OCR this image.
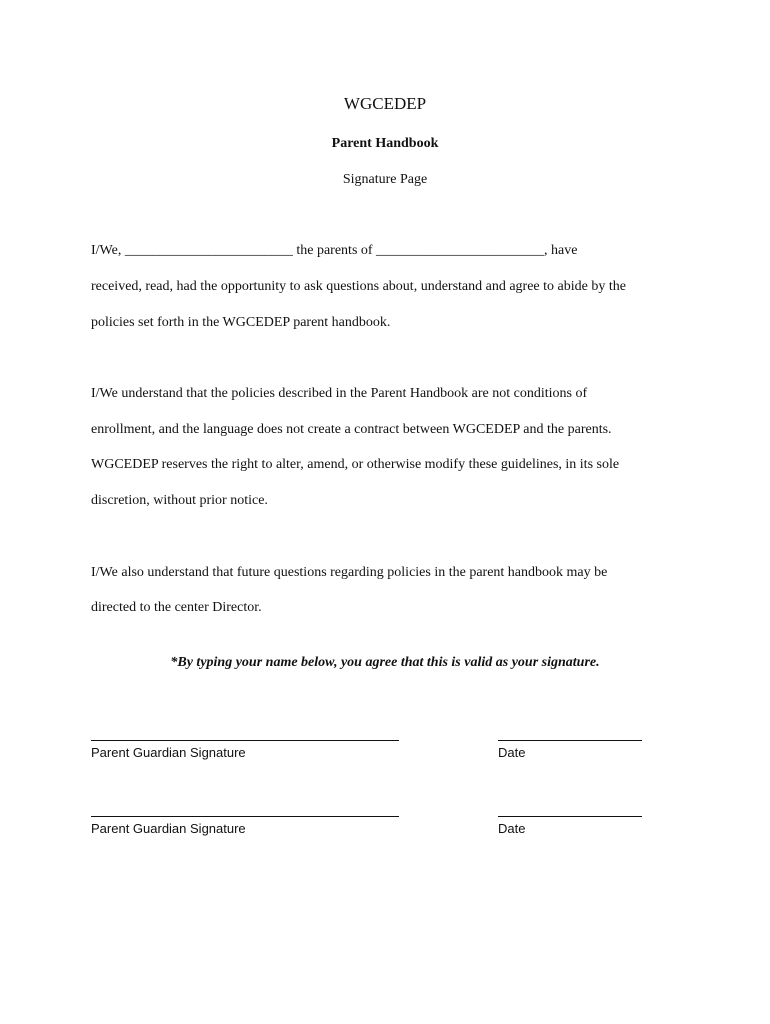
WGCEDEP
Parent Handbook
Signature Page
I/We, ________________________ the parents of ________________________, have
received, read, had the opportunity to ask questions about, understand and agree to abide by the
policies set forth in the WGCEDEP parent handbook.
I/We understand that the policies described in the Parent Handbook are not conditions of
enrollment, and the language does not create a contract between WGCEDEP and the parents.
WGCEDEP reserves the right to alter, amend, or otherwise modify these guidelines, in its sole
discretion, without prior notice.
I/We also understand that future questions regarding policies in the parent handbook may be
directed to the center Director.
*By typing your name below, you agree that this is valid as your signature.
Parent Guardian Signature	Date
Parent Guardian Signature	Date
